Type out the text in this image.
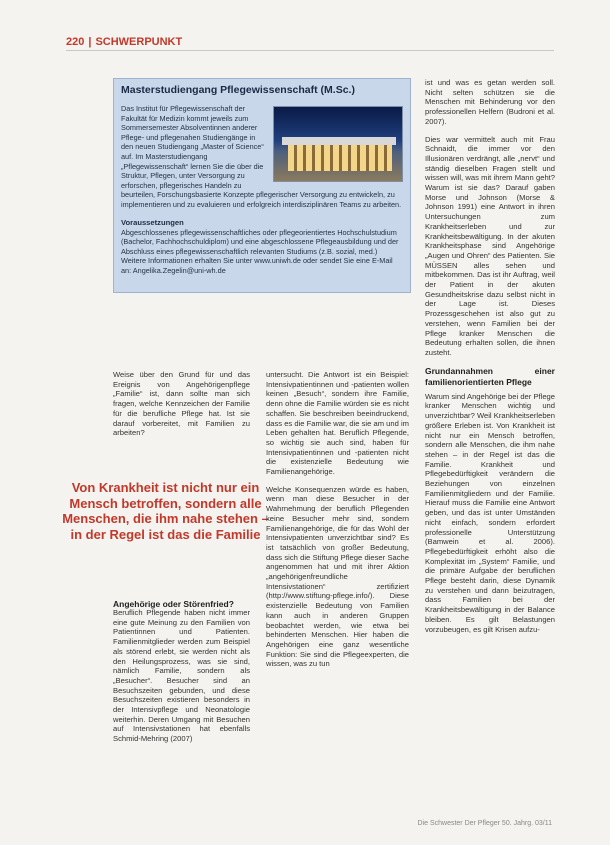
220 | SCHWERPUNKT
Masterstudiengang Pflegewissenschaft (M.Sc.)

Das Institut für Pflegewissenschaft der Fakultät für Medizin kommt jeweils zum Sommersemester Absolventinnen anderer Pflege- und pflegenahen Studiengänge in den neuen Studiengang „Master of Science“ auf. Im Masterstudiengang „Pflegewissenschaft“ lernen Sie die über die Struktur, Pflegen, unter Versorgung zu erforschen, pflegerisches Handeln zu beurteilen, Forschungsbasierte Konzepte pflegerischer Versorgung zu entwickeln, zu implementieren und zu evaluieren und erfolgreich interdisziplinären Teams zu arbeiten.

Voraussetzungen

Abgeschlossenes pflegewissenschaftliches oder pflegeorientiertes Hochschulstudium (Bachelor, Fachhochschuldiplom) und eine abgeschlossene Pflegeausbildung und der Abschluss eines pflegewissenschaftlich relevanten Studiums (z.B. sozial, med.) Weitere Informationen erhalten Sie unter www.uniwh.de oder sendet Sie eine E-Mail an: Angelika.Zegelin@uni-wh.de

Weise über den Grund für und das Ereignis von Angehörigenpflege „Familie“ ist, dann sollte man sich fragen, welche Kennzeichen der Familie für die berufliche Pflege hat. Ist sie darauf vorbereitet, mit Familien zu arbeiten?

Von Krankheit ist nicht nur ein Mensch betroffen, sondern alle Menschen, die ihm nahe stehen – in der Regel ist das die Familie

Angehörige oder Störenfried?

Beruflich Pflegende haben nicht immer eine gute Meinung zu den Familien von Patientinnen und Patienten. Familienmitglieder werden zum Beispiel als störend erlebt, sie werden nicht als den Heilungsprozess, was sie sind, nämlich Familie, sondern als „Besucher“. Besucher sind an Besuchszeiten gebunden, und diese Besuchszeiten existieren besonders in der Intensivpflege und Neonatologie weiterhin. Deren Umgang mit Besuchen auf Intensivstationen hat ebenfalls Schmid-Mehring (2007)

untersucht. Die Antwort ist ein Beispiel: Intensivpatientinnen und -patienten wollen keinen „Besuch“, sondern ihre Familie, denn ohne die Familie würden sie es nicht schaffen. Sie beschreiben beeindruckend, dass es die Familie war, die sie am und im Leben gehalten hat. Beruflich Pflegende, so wichtig sie auch sind, haben für Intensivpatientinnen und -patienten nicht die existenzielle Bedeutung wie Familienangehörige.

Welche Konsequenzen würde es haben, wenn man diese Besucher in der Wahrnehmung der beruflich Pflegenden keine Besucher mehr sind, sondern Familienangehörige, die für das Wohl der Intensivpatienten unverzichtbar sind? Es ist tatsächlich von großer Bedeutung, dass sich die Stiftung Pflege dieser Sache angenommen hat und mit ihrer Aktion „angehörigenfreundliche Intensivstationen“ zertifiziert (http://www.stiftung-pflege.info/). Diese existenzielle Bedeutung von Familien kann auch in anderen Gruppen beobachtet werden, wie etwa bei behinderten Menschen. Hier haben die Angehörigen eine ganz wesentliche Funktion: Sie sind die Pflegeexperten, die wissen, was zu tun

ist und was es getan werden soll. Nicht selten schützen sie die Menschen mit Behinderung vor den professionellen Helfern (Budroni et al. 2007).

Dies war vermittelt auch mit Frau Schnaidt, die immer vor den Illusionären verdrängt, alle „nervt“ und ständig dieselben Fragen stellt und wissen will, was mit ihrem Mann geht? Warum ist sie das? Darauf gaben Morse und Johnson (Morse & Johnson 1991) eine Antwort in ihren Untersuchungen zum Krankheitserleben und zur Krankheitsbewältigung. In der akuten Krankheitsphase sind Angehörige „Augen und Ohren“ des Patienten. Sie MÜSSEN alles sehen und mitbekommen. Das ist ihr Auftrag, weil der Patient in der akuten Gesundheitskrise dazu selbst nicht in der Lage ist. Dieses Prozessgeschehen ist also gut zu verstehen, wenn Familien bei der Pflege kranker Menschen die Bedeutung erhalten sollen, die ihnen zusteht.

Grundannahmen einer familienorientierten Pflege

Warum sind Angehörige bei der Pflege kranker Menschen wichtig und unverzichtbar? Weil Krankheitserleben größere Erleben ist. Von Krankheit ist nicht nur ein Mensch betroffen, sondern alle Menschen, die ihm nahe stehen – in der Regel ist das die Familie. Krankheit und Pflegebedürftigkeit verändern die Beziehungen von einzelnen Familienmitgliedern und der Familie. Hierauf muss die Familie eine Antwort geben, und das ist unter Umständen nicht einfach, sondern erfordert professionelle Unterstützung (Bamwein et al. 2006). Pflegebedürftigkeit erhöht also die Komplexität im „System“ Familie, und die primäre Aufgabe der beruflichen Pflege besteht darin, diese Dynamik zu verstehen und dann beizutragen, dass Familien bei der Krankheitsbewältigung in der Balance bleiben. Es gilt Belastungen vorzubeugen, es gilt Krisen aufzu-

Die Schwester Der Pfleger 50. Jahrg. 03/11
